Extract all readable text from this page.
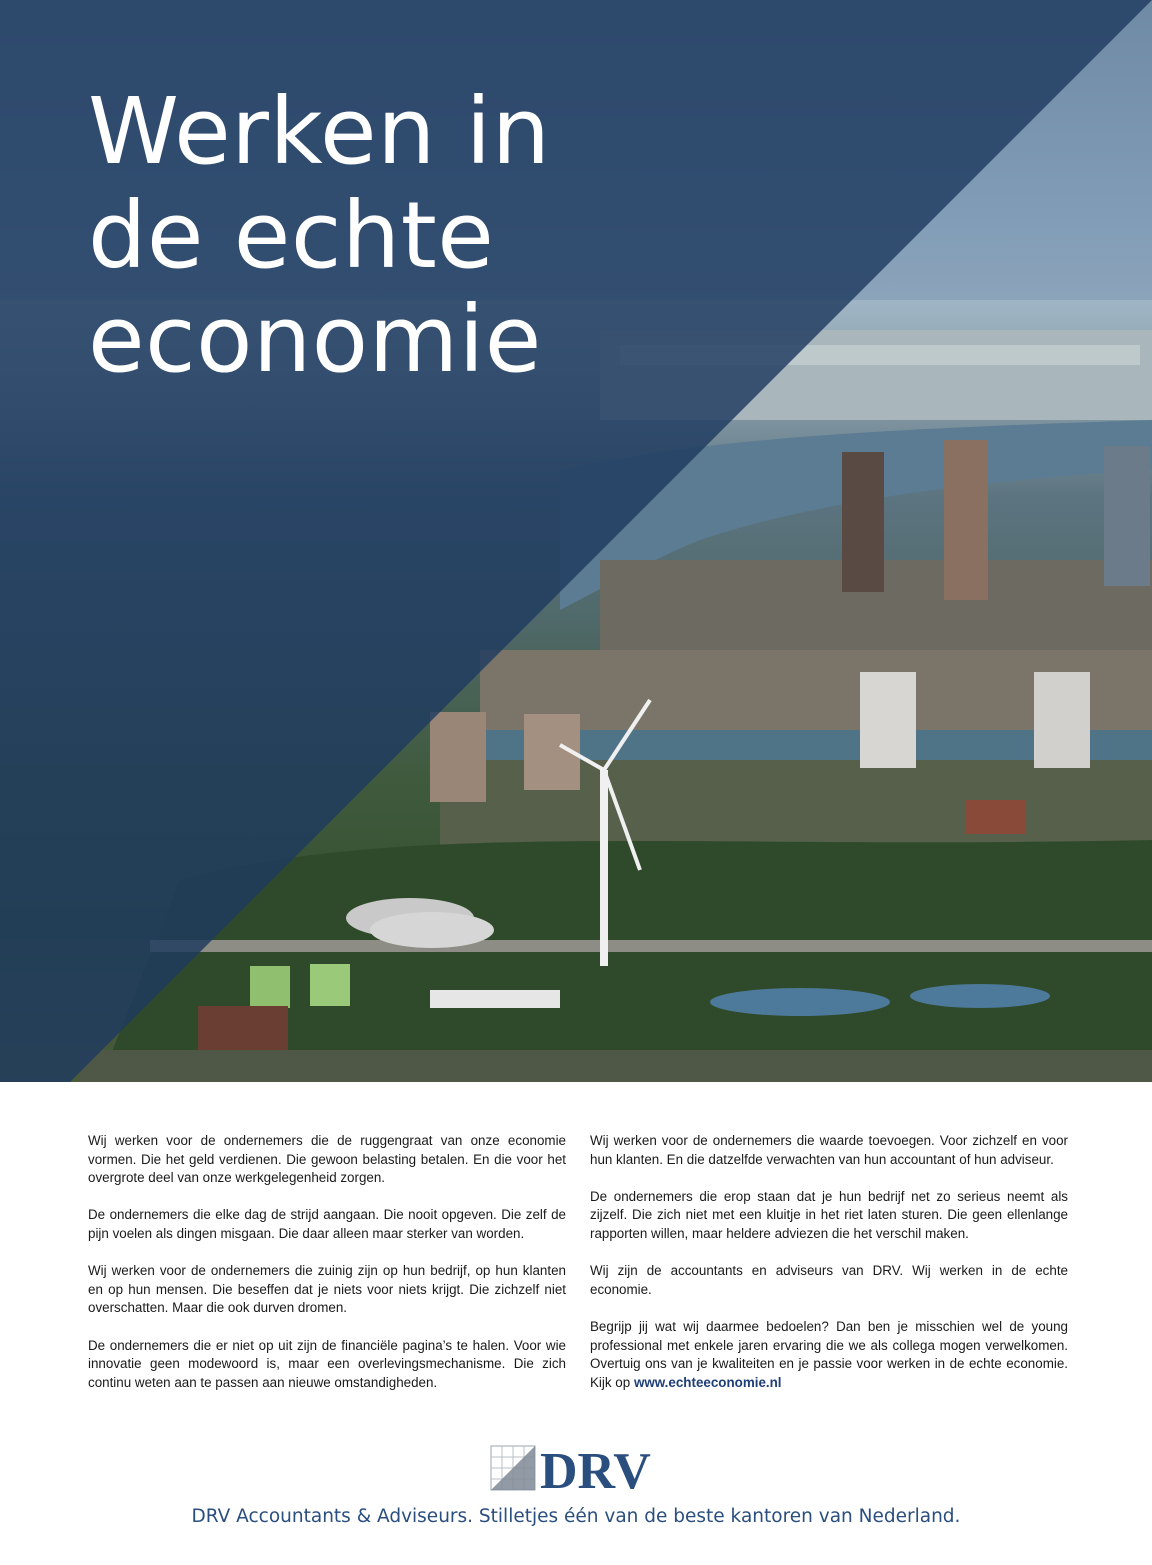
Werken in
de echte
economie

Wij werken voor de ondernemers die de ruggengraat van onze economie vormen. Die het geld verdienen. Die gewoon belasting betalen. En die voor het overgrote deel van onze werkgelegenheid zorgen.

De ondernemers die elke dag de strijd aangaan. Die nooit opgeven. Die zelf de pijn voelen als dingen misgaan. Die daar alleen maar sterker van worden.

Wij werken voor de ondernemers die zuinig zijn op hun bedrijf, op hun klanten en op hun mensen. Die beseffen dat je niets voor niets krijgt. Die zichzelf niet overschatten. Maar die ook durven dromen.

De ondernemers die er niet op uit zijn de financiële pagina’s te halen. Voor wie innovatie geen modewoord is, maar een overlevingsmechanisme. Die zich continu weten aan te passen aan nieuwe omstandigheden.

Wij werken voor de ondernemers die waarde toevoegen. Voor zichzelf en voor hun klanten. En die datzelfde verwachten van hun accountant of hun adviseur.

De ondernemers die erop staan dat je hun bedrijf net zo serieus neemt als zijzelf. Die zich niet met een kluitje in het riet laten sturen. Die geen ellenlange rapporten willen, maar heldere adviezen die het verschil maken.

Wij zijn de accountants en adviseurs van DRV. Wij werken in de echte economie.

Begrijp jij wat wij daarmee bedoelen? Dan ben je misschien wel de young professional met enkele jaren ervaring die we als collega mogen verwelkomen. Overtuig ons van je kwaliteiten en je passie voor werken in de echte economie. Kijk op www.echteeconomie.nl

DRV
DRV Accountants & Adviseurs. Stilletjes één van de beste kantoren van Nederland.
